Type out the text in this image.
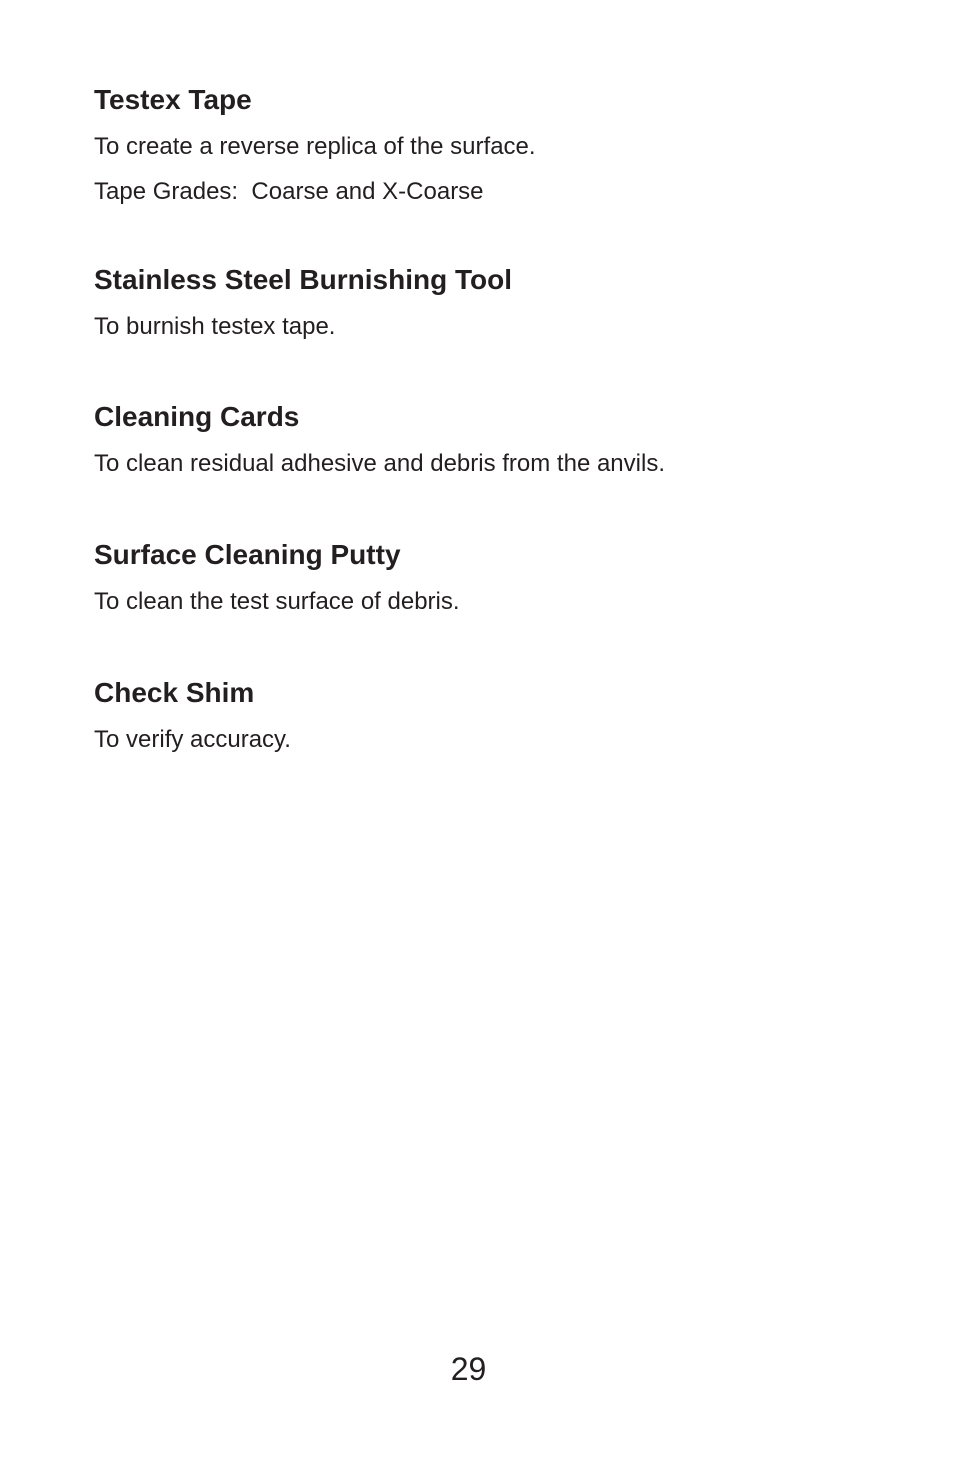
Testex Tape

To create a reverse replica of the surface.

Tape Grades:  Coarse and X-Coarse

Stainless Steel Burnishing Tool

To burnish testex tape.

Cleaning Cards

To clean residual adhesive and debris from the anvils.

Surface Cleaning Putty

To clean the test surface of debris.

Check Shim

To verify accuracy.

29
